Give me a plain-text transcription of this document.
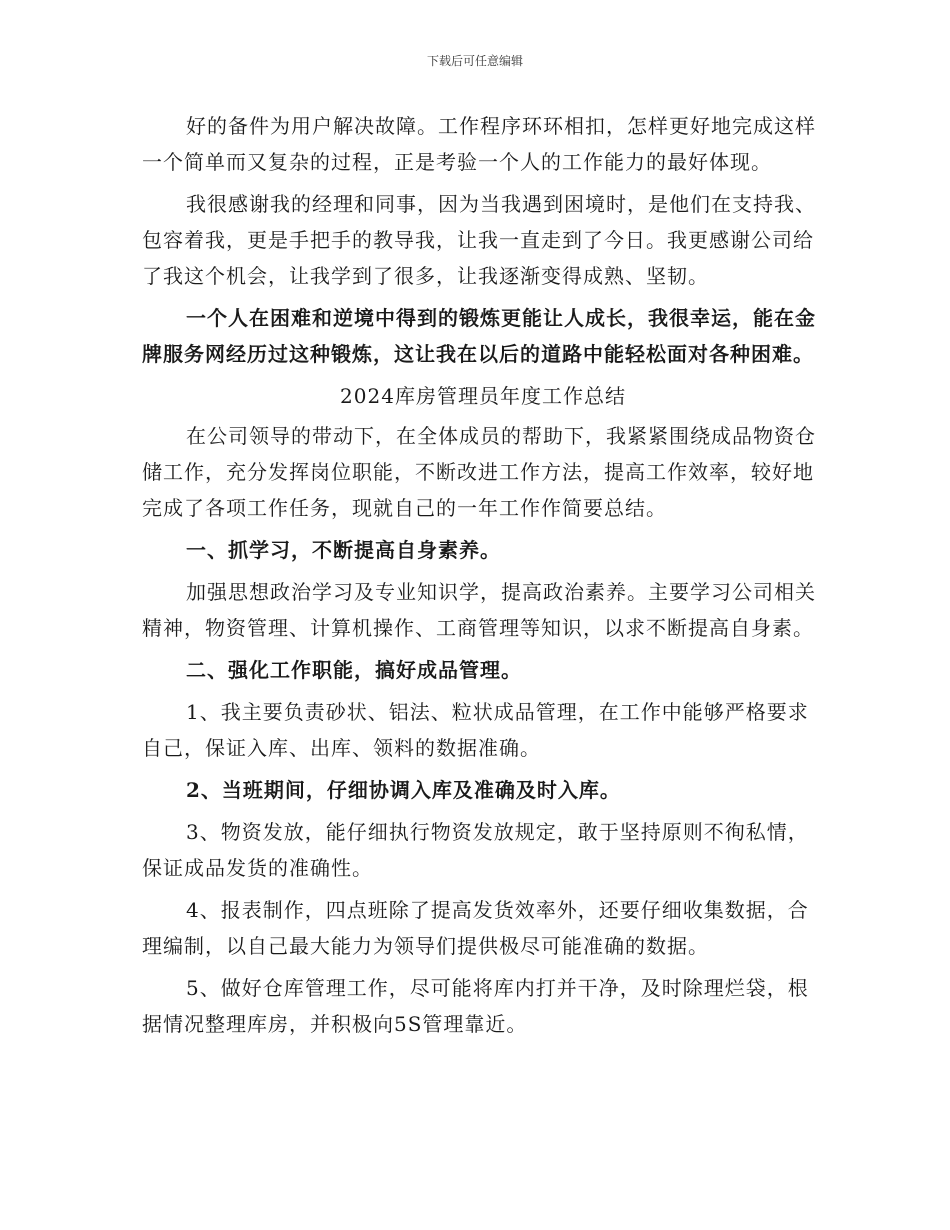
下载后可任意编辑

好的备件为用户解决故障。工作程序环环相扣，怎样更好地完成这样一个简单而又复杂的过程，正是考验一个人的工作能力的最好体现。

我很感谢我的经理和同事，因为当我遇到困境时，是他们在支持我、包容着我，更是手把手的教导我，让我一直走到了今日。我更感谢公司给了我这个机会，让我学到了很多，让我逐渐变得成熟、坚韧。

一个人在困难和逆境中得到的锻炼更能让人成长，我很幸运，能在金牌服务网经历过这种锻炼，这让我在以后的道路中能轻松面对各种困难。

2024库房管理员年度工作总结

在公司领导的带动下，在全体成员的帮助下，我紧紧围绕成品物资仓储工作，充分发挥岗位职能，不断改进工作方法，提高工作效率，较好地完成了各项工作任务，现就自己的一年工作作简要总结。

一、抓学习，不断提高自身素养。

加强思想政治学习及专业知识学，提高政治素养。主要学习公司相关精神，物资管理、计算机操作、工商管理等知识，以求不断提高自身素。

二、强化工作职能，搞好成品管理。

1、我主要负责砂状、铝法、粒状成品管理，在工作中能够严格要求自己，保证入库、出库、领料的数据准确。

2、当班期间，仔细协调入库及准确及时入库。

3、物资发放，能仔细执行物资发放规定，敢于坚持原则不徇私情，保证成品发货的准确性。

4、报表制作，四点班除了提高发货效率外，还要仔细收集数据，合理编制，以自己最大能力为领导们提供极尽可能准确的数据。

5、做好仓库管理工作，尽可能将库内打并干净，及时除理烂袋，根据情况整理库房，并积极向5S管理靠近。
